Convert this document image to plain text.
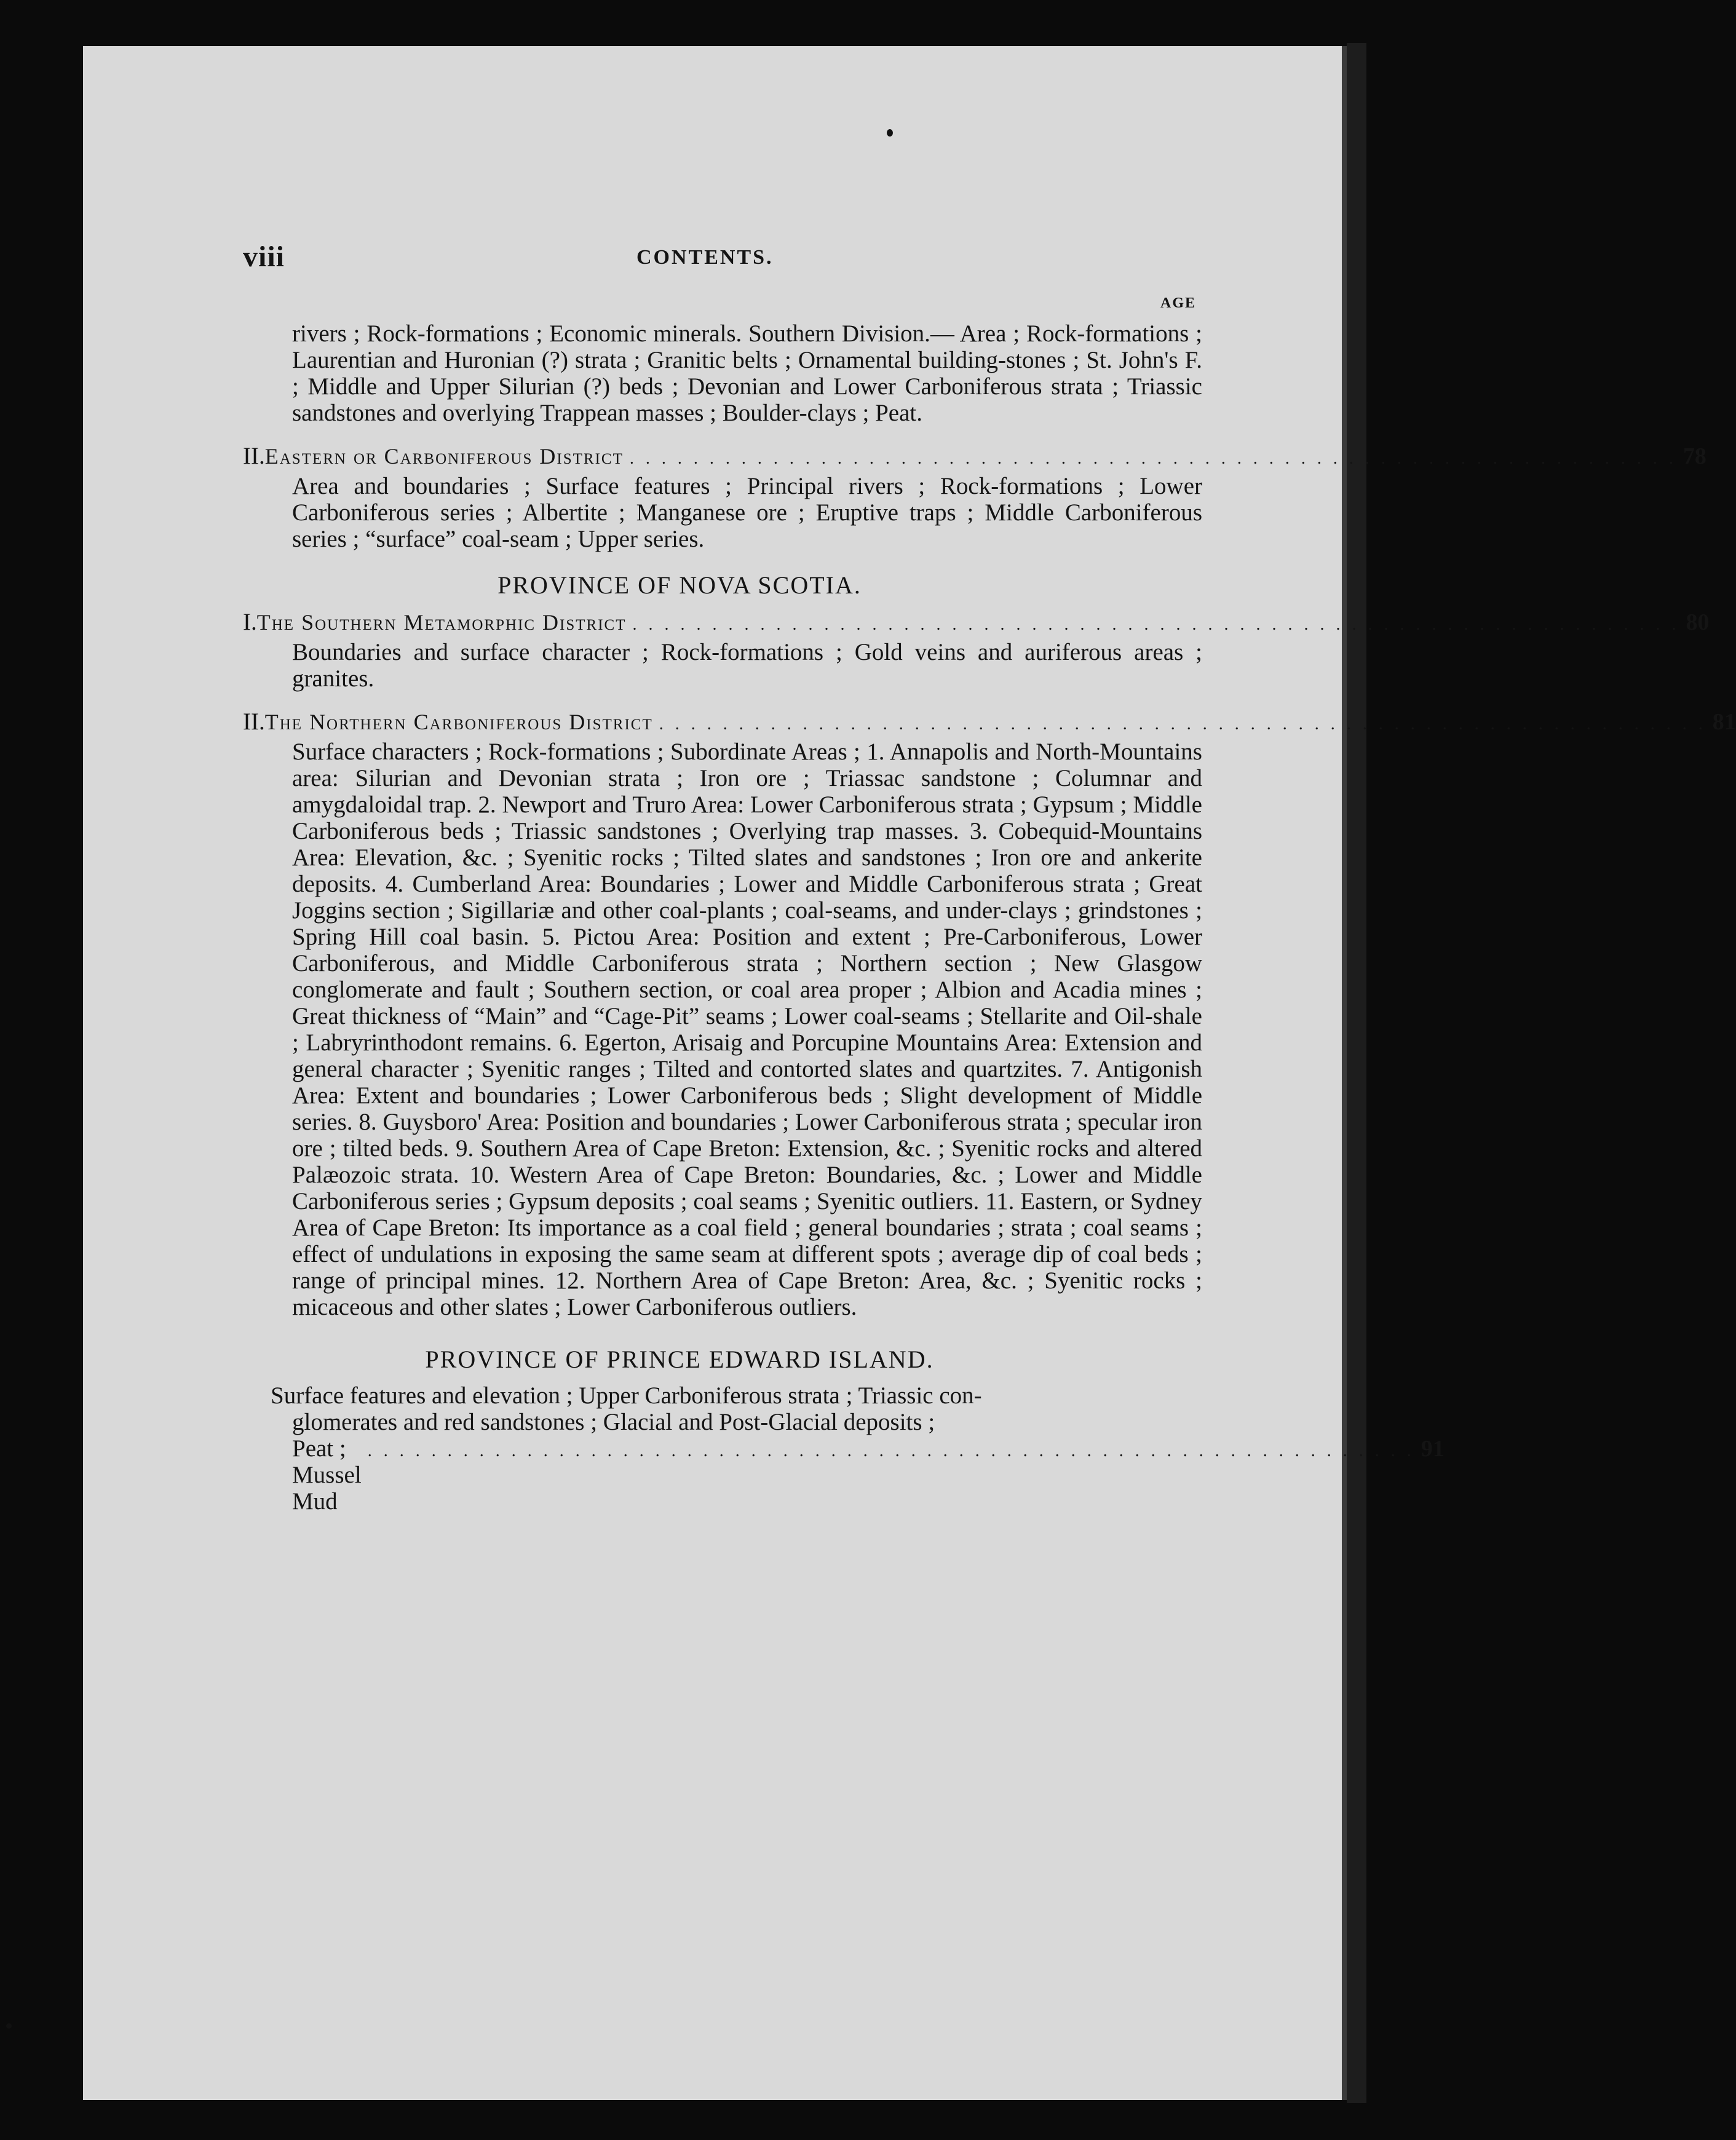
viii	CONTENTS.
AGE
rivers ; Rock-formations ; Economic minerals. Southern Division.— Area ; Rock-formations ; Laurentian and Huronian (?) strata ; Granitic belts ; Ornamental building-stones ; St. John's F. ; Middle and Upper Silurian (?) beds ; Devonian and Lower Carboniferous strata ; Triassic sandstones and overlying Trappean masses ; Boulder-clays ; Peat.
II. Eastern or Carboniferous District . . . . . . . . . . . . . . . . . . . . . . . . . . . . . . . . . . . . . . . . . . . . . . . . . . . . . . . . . . . . . . . . . . 78
Area and boundaries ; Surface features ; Principal rivers ; Rock-formations ; Lower Carboniferous series ; Albertite ; Manganese ore ; Eruptive traps ; Middle Carboniferous series ; “surface” coal-seam ; Upper series.
PROVINCE OF NOVA SCOTIA.
I. The Southern Metamorphic District . . . . . . . . . . . . . . . . . . . . . . . . . . . . . . . . . . . . . . . . . . . . . . . . . . . . . . . . . . . . . . . . . . 80
Boundaries and surface character ; Rock-formations ; Gold veins and auriferous areas ; granites.
II. The Northern Carboniferous District . . . . . . . . . . . . . . . . . . . . . . . . . . . . . . . . . . . . . . . . . . . . . . . . . . . . . . . . . . . . . . . . . . 81
Surface characters ; Rock-formations ; Subordinate Areas ; 1. Annapolis and North-Mountains area: Silurian and Devonian strata ; Iron ore ; Triassac sandstone ; Columnar and amygdaloidal trap. 2. Newport and Truro Area: Lower Carboniferous strata ; Gypsum ; Middle Carboniferous beds ; Triassic sandstones ; Overlying trap masses. 3. Cobequid-Mountains Area: Elevation, &c. ; Syenitic rocks ; Tilted slates and sandstones ; Iron ore and ankerite deposits. 4. Cumberland Area: Boundaries ; Lower and Middle Carboniferous strata ; Great Joggins section ; Sigillariæ and other coal-plants ; coal-seams, and under-clays ; grindstones ; Spring Hill coal basin. 5. Pictou Area: Position and extent ; Pre-Carboniferous, Lower Carboniferous, and Middle Carboniferous strata ; Northern section ; New Glasgow conglomerate and fault ; Southern section, or coal area proper ; Albion and Acadia mines ; Great thickness of “Main” and “Cage-Pit” seams ; Lower coal-seams ; Stellarite and Oil-shale ; Labryrinthodont remains. 6. Egerton, Arisaig and Porcupine Mountains Area: Extension and general character ; Syenitic ranges ; Tilted and contorted slates and quartzites. 7. Antigonish Area: Extent and boundaries ; Lower Carboniferous beds ; Slight development of Middle series. 8. Guysboro' Area: Position and boundaries ; Lower Carboniferous strata ; specular iron ore ; tilted beds. 9. Southern Area of Cape Breton: Extension, &c. ; Syenitic rocks and altered Palæozoic strata. 10. Western Area of Cape Breton: Boundaries, &c. ; Lower and Middle Carboniferous series ; Gypsum deposits ; coal seams ; Syenitic outliers. 11. Eastern, or Sydney Area of Cape Breton: Its importance as a coal field ; general boundaries ; strata ; coal seams ; effect of undulations in exposing the same seam at different spots ; average dip of coal beds ; range of principal mines. 12. Northern Area of Cape Breton: Area, &c. ; Syenitic rocks ; micaceous and other slates ; Lower Carboniferous outliers.
PROVINCE OF PRINCE EDWARD ISLAND.
Surface features and elevation ; Upper Carboniferous strata ; Triassic con-
glomerates and red sandstones ; Glacial and Post-Glacial deposits ;
Peat ; Mussel Mud
. . . . . . . . . . . . . . . . . . . . . . . . . . . . . . . . . . . . . . . . . . . . . . . . . . . . . . . . . . . . . . . . . . 91
